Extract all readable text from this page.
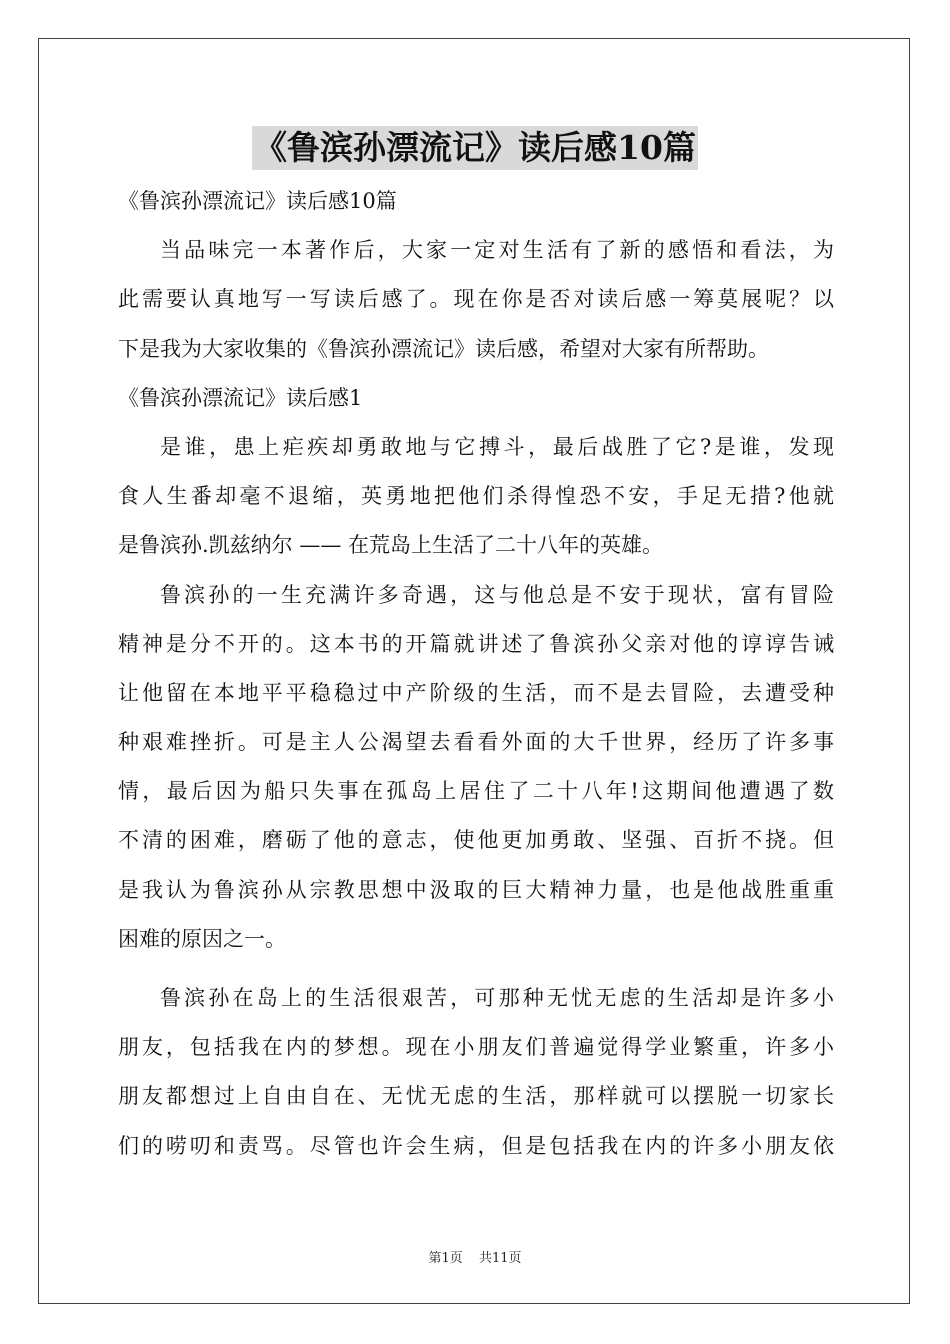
《鲁滨孙漂流记》读后感10篇
《鲁滨孙漂流记》读后感10篇
当品味完一本著作后，大家一定对生活有了新的感悟和看法，为
此需要认真地写一写读后感了。现在你是否对读后感一筹莫展呢？以
下是我为大家收集的《鲁滨孙漂流记》读后感，希望对大家有所帮助。
《鲁滨孙漂流记》读后感1
是谁，患上疟疾却勇敢地与它搏斗，最后战胜了它?是谁，发现
食人生番却毫不退缩，英勇地把他们杀得惶恐不安，手足无措?他就
是鲁滨孙.凯兹纳尔 —— 在荒岛上生活了二十八年的英雄。
鲁滨孙的一生充满许多奇遇，这与他总是不安于现状，富有冒险
精神是分不开的。这本书的开篇就讲述了鲁滨孙父亲对他的谆谆告诫
让他留在本地平平稳稳过中产阶级的生活，而不是去冒险，去遭受种
种艰难挫折。可是主人公渴望去看看外面的大千世界，经历了许多事
情，最后因为船只失事在孤岛上居住了二十八年!这期间他遭遇了数
不清的困难，磨砺了他的意志，使他更加勇敢、坚强、百折不挠。但
是我认为鲁滨孙从宗教思想中汲取的巨大精神力量，也是他战胜重重
困难的原因之一。
鲁滨孙在岛上的生活很艰苦，可那种无忧无虑的生活却是许多小
朋友，包括我在内的梦想。现在小朋友们普遍觉得学业繁重，许多小
朋友都想过上自由自在、无忧无虑的生活，那样就可以摆脱一切家长
们的唠叨和责骂。尽管也许会生病，但是包括我在内的许多小朋友依
第1页 共11页
